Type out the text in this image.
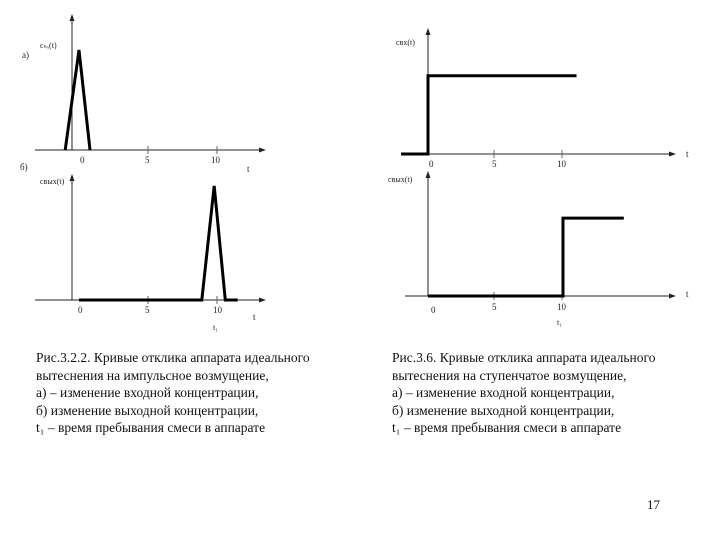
0	5	10
а)
cₙₓ(t)
t
0	5	10
б)
cвых(t)
t
t₁
0	5	10
cвх(t)
t
0	5	10
cвых(t)
t
t₁
Рис.3.2.2. Кривые отклика аппарата идеального
вытеснения на импульсное возмущение,
а) – изменение входной концентрации,
б) изменение выходной концентрации,
t₁ – время пребывания смеси в аппарате
Рис.3.6. Кривые отклика аппарата идеального
вытеснения на ступенчатое возмущение,
а) – изменение входной концентрации,
б) изменение выходной концентрации,
t₁ – время пребывания смеси в аппарате
17
